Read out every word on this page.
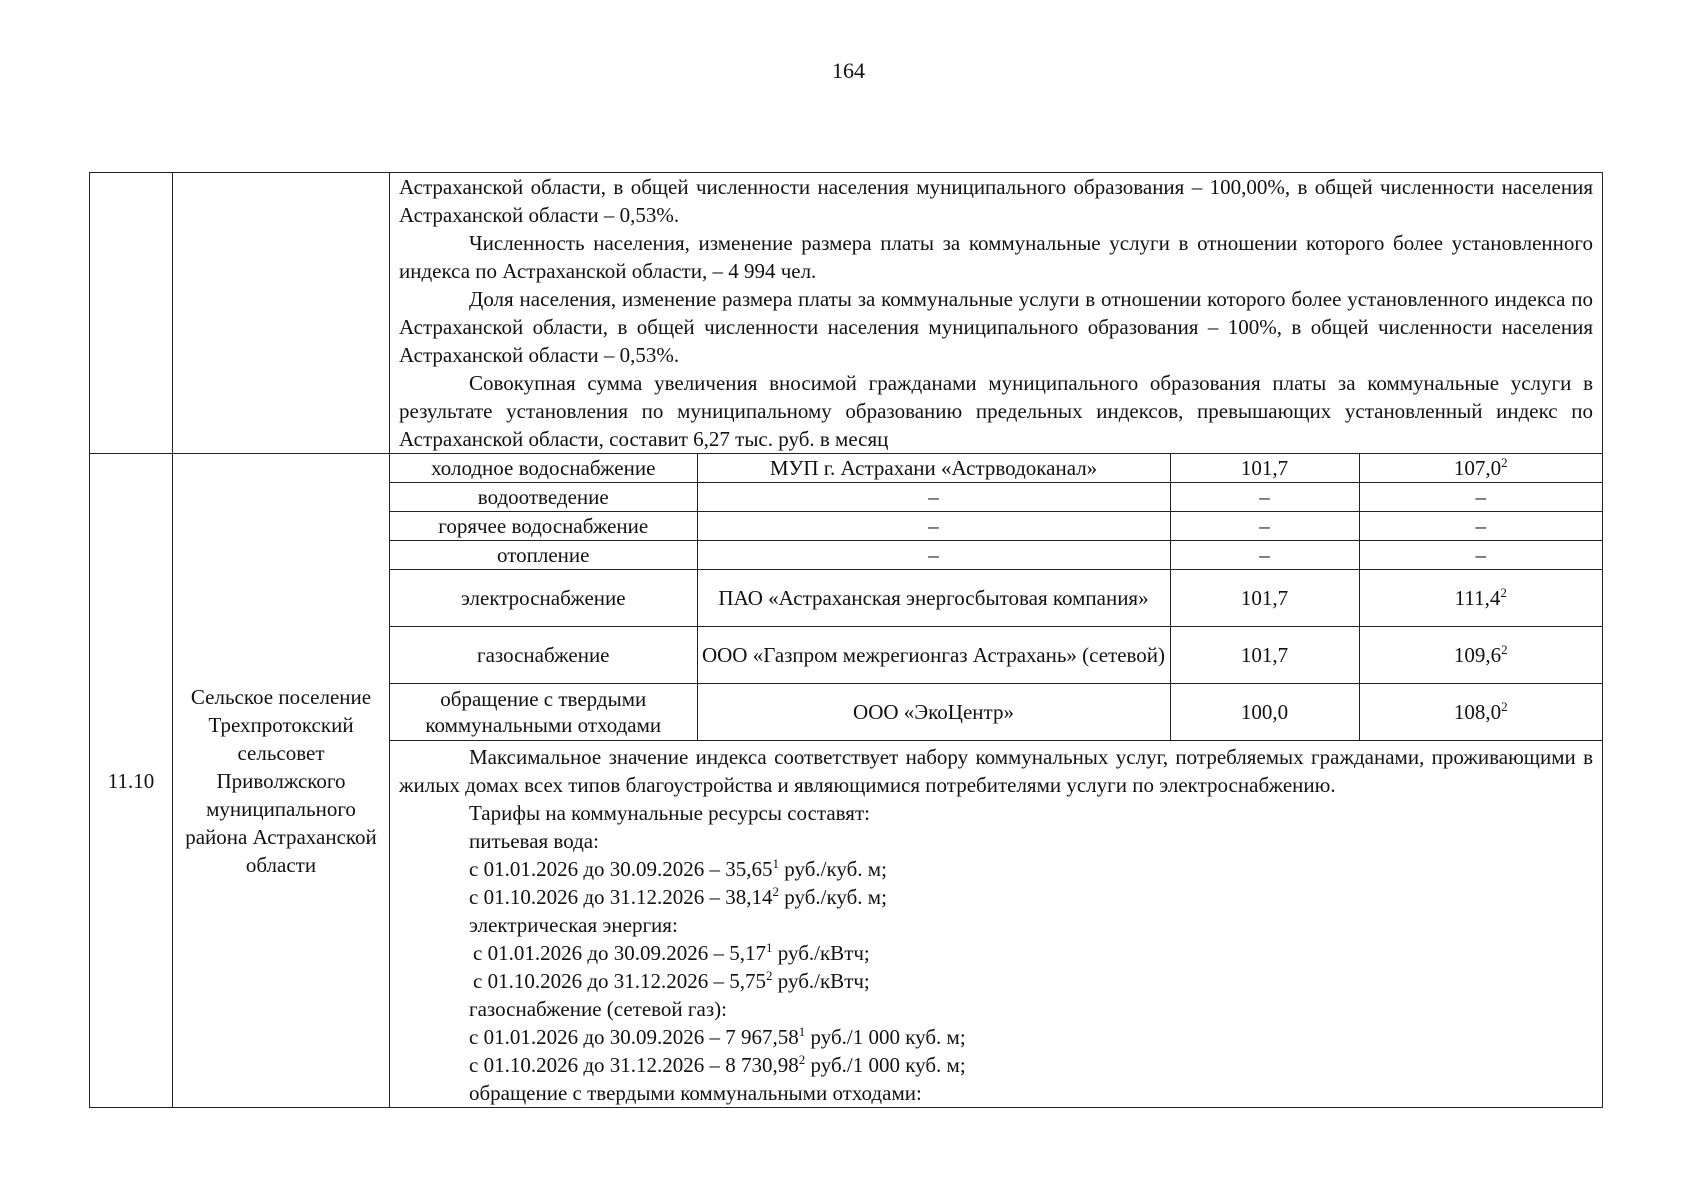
164

Астраханской области, в общей численности населения муниципального образования – 100,00%, в общей численности населения Астраханской области – 0,53%.

Численность населения, изменение размера платы за коммунальные услуги в отношении которого более установленного индекса по Астраханской области, – 4 994 чел.

Доля населения, изменение размера платы за коммунальные услуги в отношении которого более установленного индекса по Астраханской области, в общей численности населения муниципального образования – 100%, в общей численности населения Астраханской области – 0,53%.

Совокупная сумма увеличения вносимой гражданами муниципального образования платы за коммунальные услуги в результате установления по муниципальному образованию предельных индексов, превышающих установленный индекс по Астраханской области, составит 6,27 тыс. руб. в месяц

11.10	Сельское поселение Трехпротокский сельсовет Приволжского муниципального района Астраханской области	
холодное водоснабжение	МУП г. Астрахани «Астрводоканал»	101,7	107,0$^2$
водоотведение	–	–	–
горячее водоснабжение	–	–	–
отопление	–	–	–
электроснабжение	ПАО «Астраханская энергосбытовая компания»	101,7	111,4$^2$
газоснабжение	ООО «Газпром межрегионгаз Астрахань» (сетевой)	101,7	109,6$^2$
обращение с твердыми коммунальными отходами	ООО «ЭкоЦентр»	100,0	108,0$^2$

Максимальное значение индекса соответствует набору коммунальных услуг, потребляемых гражданами, проживающими в жилых домах всех типов благоустройства и являющимися потребителями услуги по электроснабжению.

Тарифы на коммунальные ресурсы составят:

питьевая вода:

с 01.01.2026 до 30.09.2026 – 35,65$^1$ руб./куб. м;

с 01.10.2026 до 31.12.2026 – 38,14$^2$ руб./куб. м;

электрическая энергия:

с 01.01.2026 до 30.09.2026 – 5,17$^1$ руб./кВтч;

с 01.10.2026 до 31.12.2026 – 5,75$^2$ руб./кВтч;

газоснабжение (сетевой газ):

с 01.01.2026 до 30.09.2026 – 7 967,58$^1$ руб./1 000 куб. м;

с 01.10.2026 до 31.12.2026 – 8 730,98$^2$ руб./1 000 куб. м;

обращение с твердыми коммунальными отходами:
